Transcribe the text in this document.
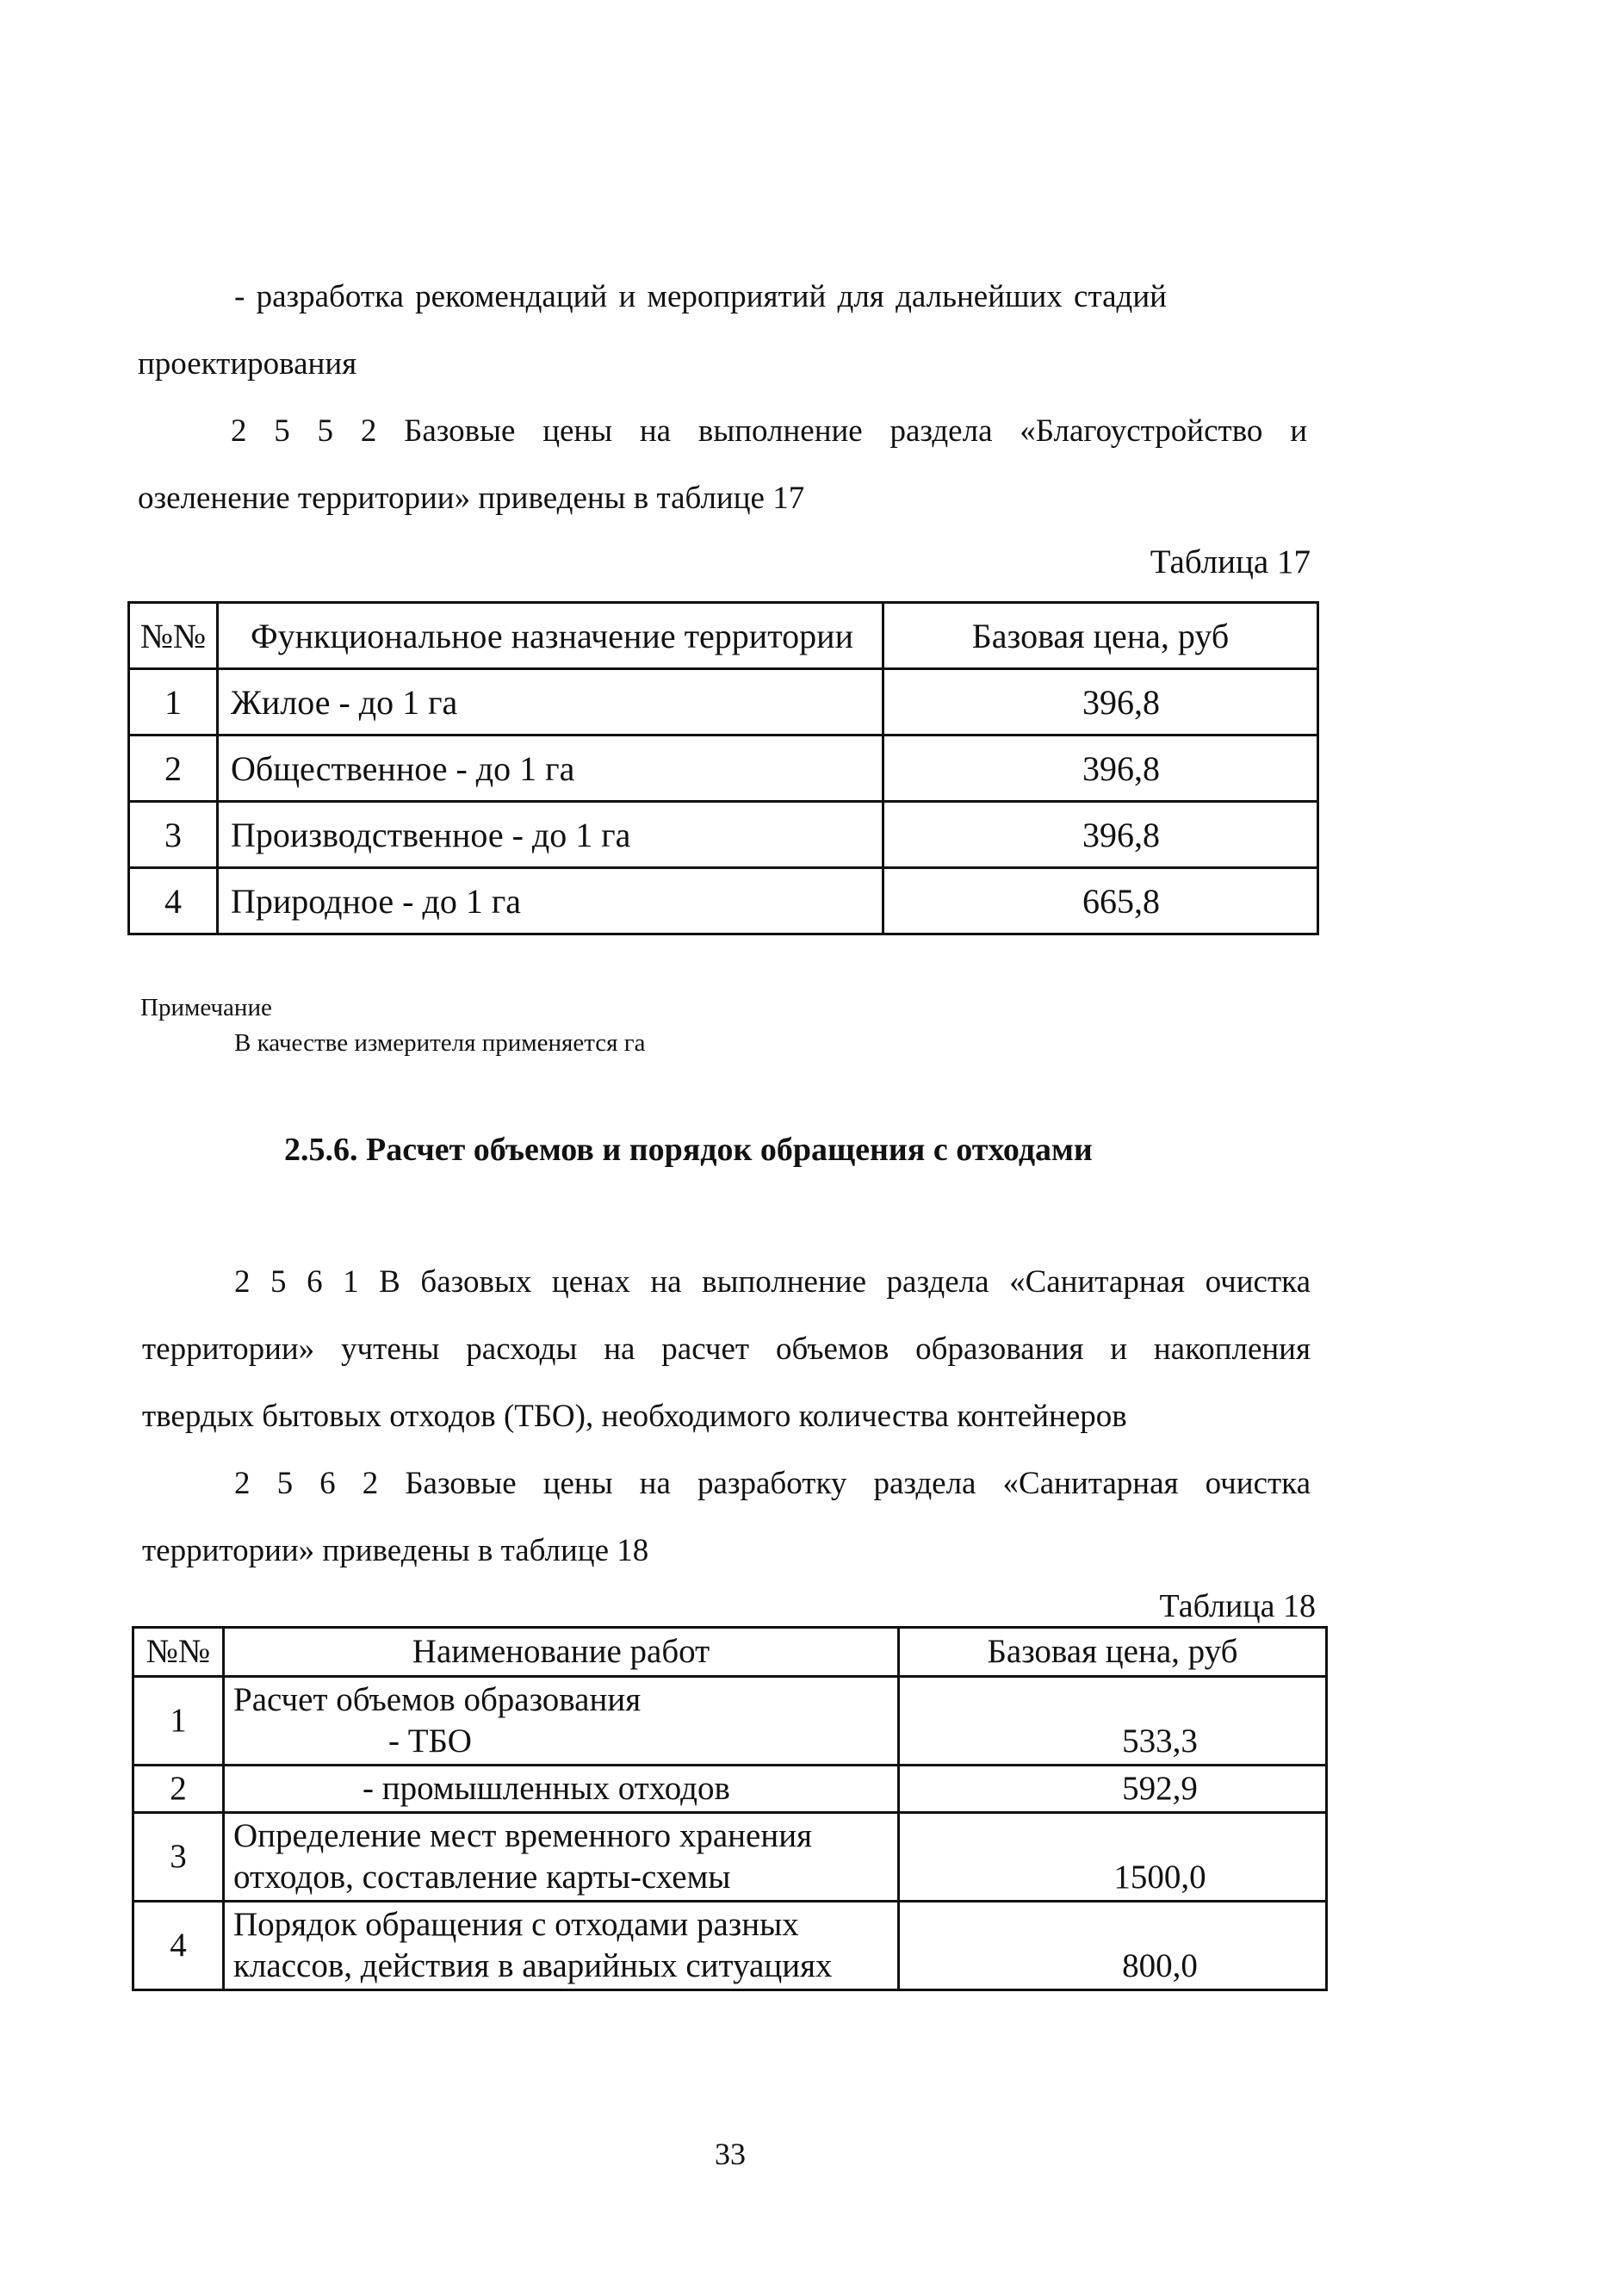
- разработка рекомендаций и мероприятий для дальнейших стадий
проектирования
2 5 5 2 Базовые цены на выполнение раздела «Благоустройство и
озеленение территории» приведены в таблице 17
Таблица 17
№№	Функциональное назначение территории	Базовая цена, руб
1	Жилое - до 1 га	396,8
2	Общественное - до 1 га	396,8
3	Производственное - до 1 га	396,8
4	Природное - до 1 га	665,8
Примечание
В качестве измерителя применяется га
2.5.6. Расчет объемов и порядок обращения с отходами
2 5 6 1 В базовых ценах на выполнение раздела «Санитарная очистка
территории» учтены расходы на расчет объемов образования и накопления
твердых бытовых отходов (ТБО), необходимого количества контейнеров
2 5 6 2 Базовые цены на разработку раздела «Санитарная очистка
территории» приведены в таблице 18
Таблица 18
№№	Наименование работ	Базовая цена, руб
1	Расчет объемов образования
- ТБО	533,3
2	- промышленных отходов	592,9
3	Определение мест временного хранения
отходов, составление карты-схемы	1500,0
4	Порядок обращения с отходами разных
классов, действия в аварийных ситуациях	800,0
33
